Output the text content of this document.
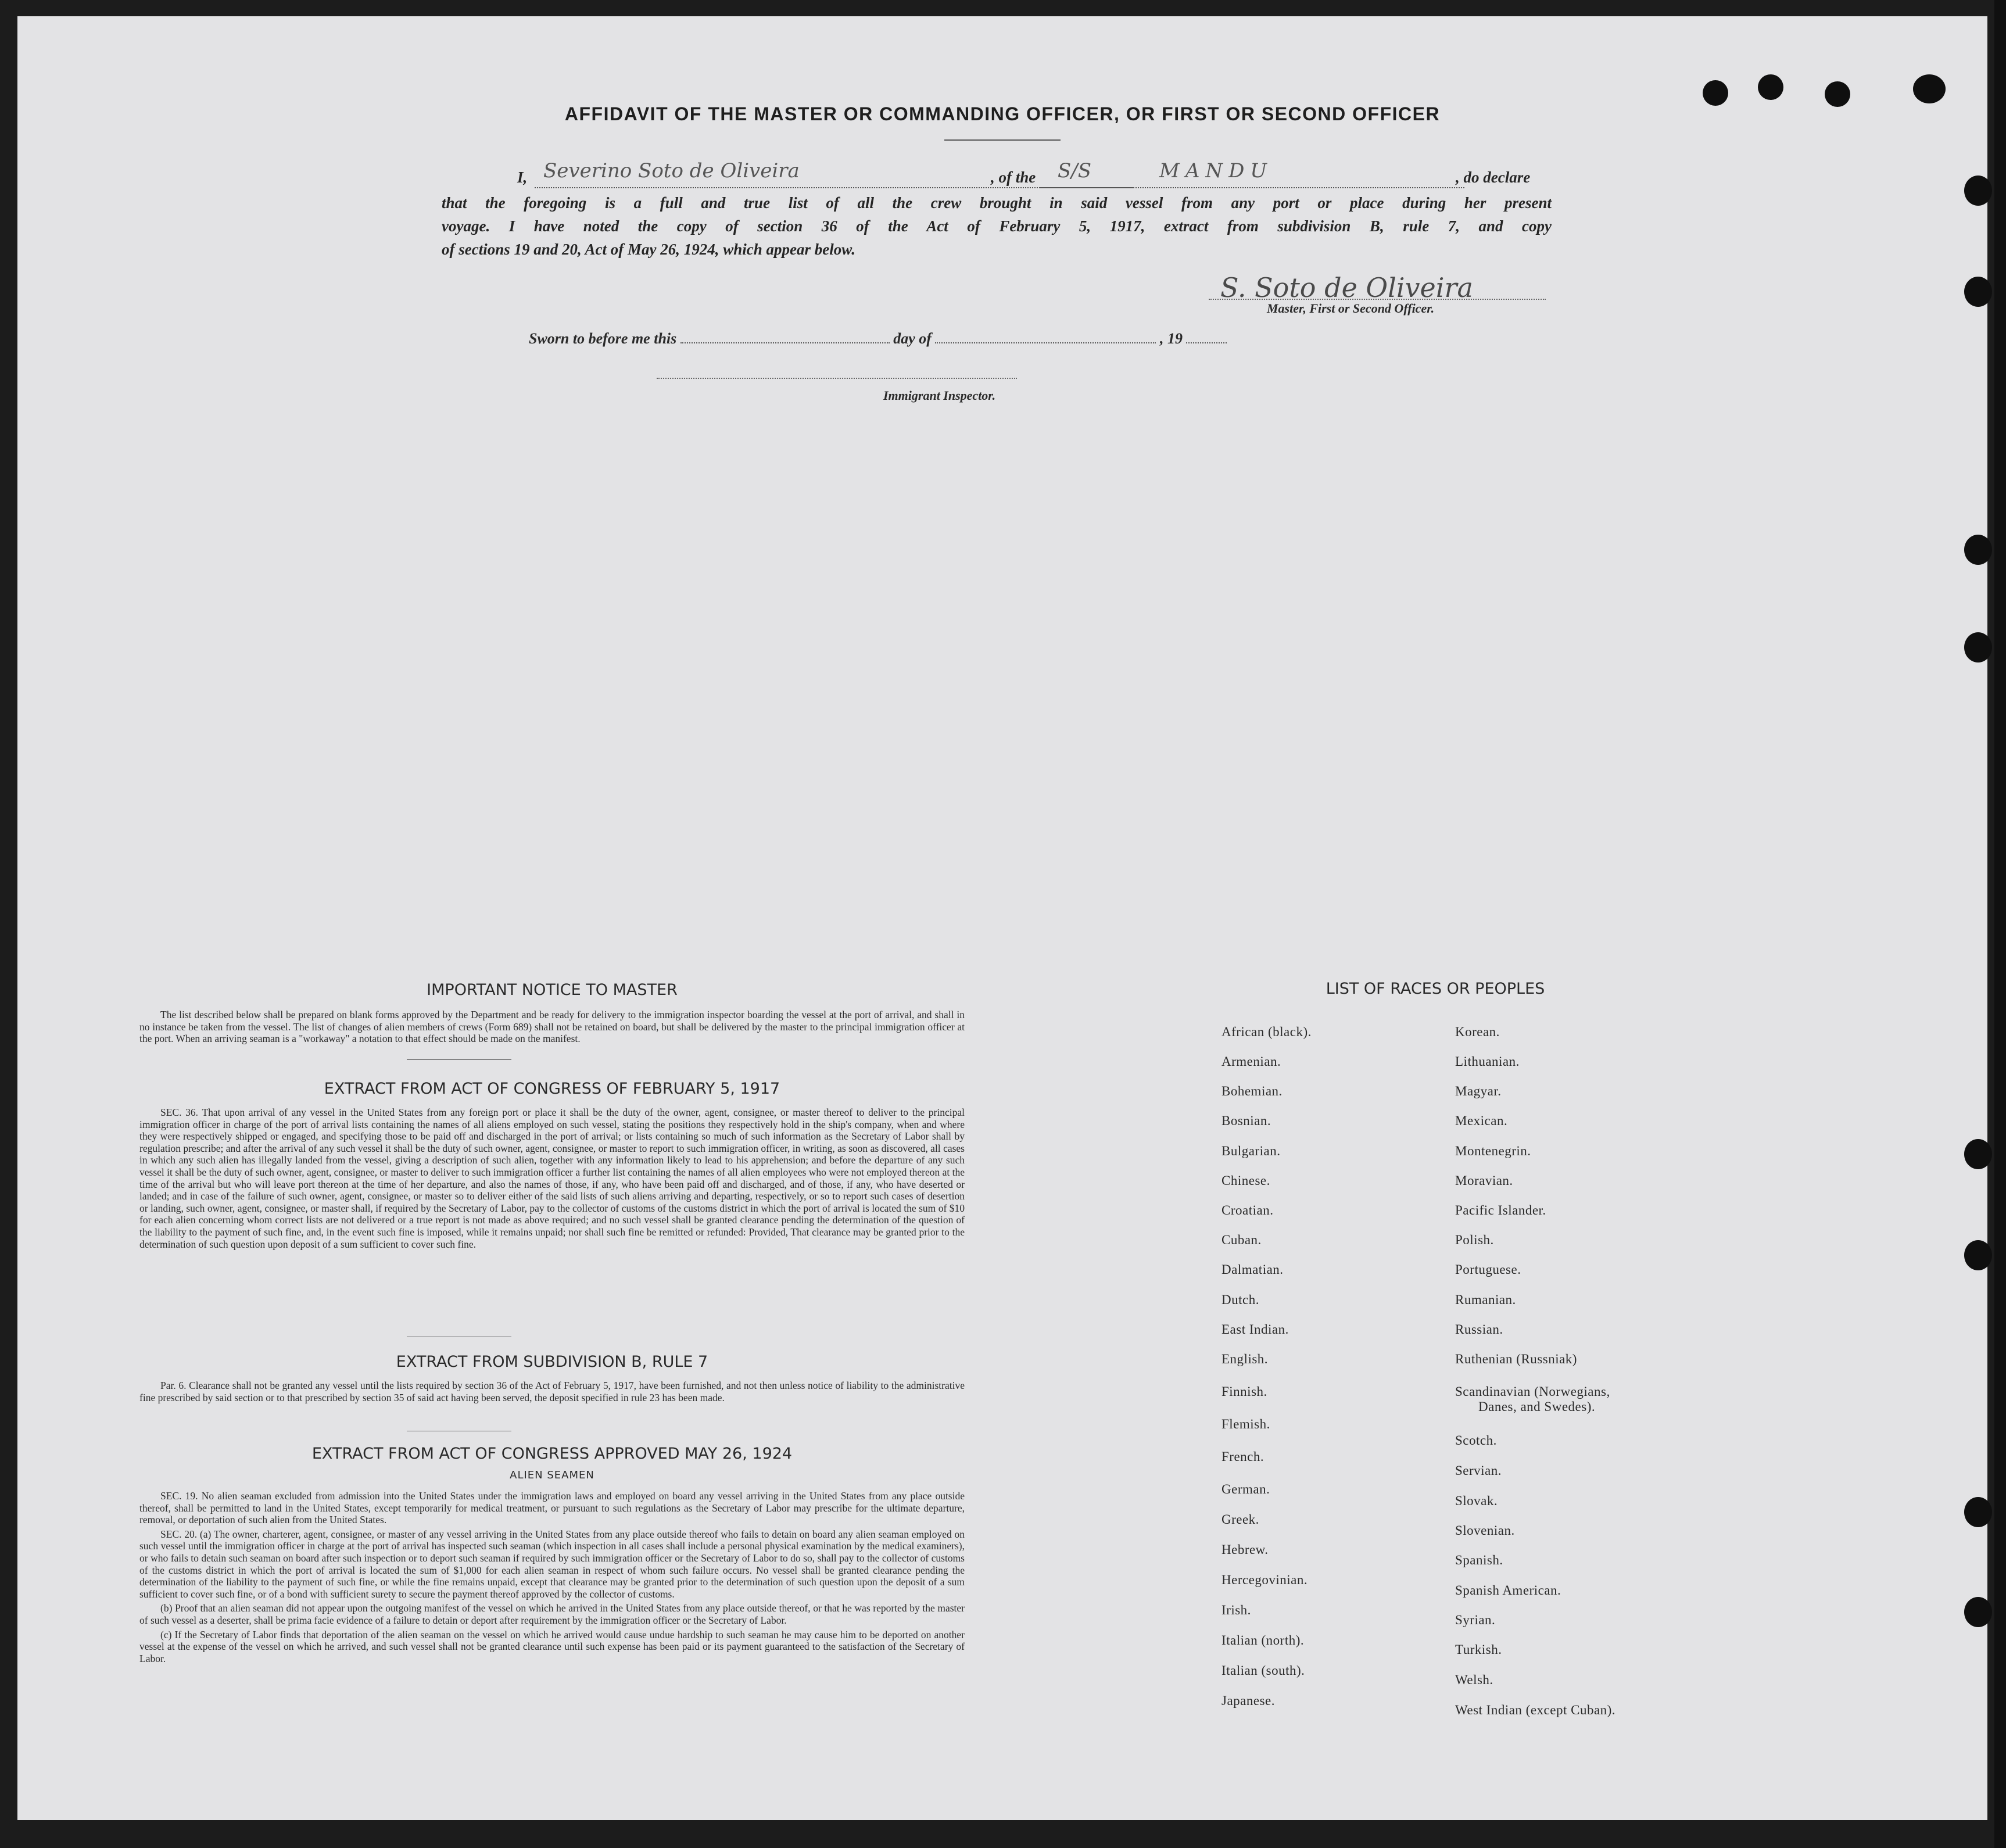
AFFIDAVIT OF THE MASTER OR COMMANDING OFFICER, OR FIRST OR SECOND OFFICER
I, Severino Soto de Oliveira	, of the S/S	MANDU	, do declare
that the foregoing is a full and true list of all the crew brought in said vessel from any port or place during her present
voyage. I have noted the copy of section 36 of the Act of February 5, 1917, extract from subdivision B, rule 7, and copy
of sections 19 and 20, Act of May 26, 1924, which appear below.
S. Soto de Oliveira
Master, First or Second Officer.
Sworn to before me this	day of	, 19
Immigrant Inspector.
IMPORTANT NOTICE TO MASTER

The list described below shall be prepared on blank forms approved by the Department and be ready for delivery to the immigration inspector boarding the vessel at the port of arrival, and shall in no instance be taken from the vessel. The list of changes of alien members of crews (Form 689) shall not be retained on board, but shall be delivered by the master to the principal immigration officer at the port. When an arriving seaman is a "workaway" a notation to that effect should be made on the manifest.

EXTRACT FROM ACT OF CONGRESS OF FEBRUARY 5, 1917

SEC. 36. That upon arrival of any vessel in the United States from any foreign port or place it shall be the duty of the owner, agent, consignee, or master thereof to deliver to the principal immigration officer in charge of the port of arrival lists containing the names of all aliens employed on such vessel, stating the positions they respectively hold in the ship's company, when and where they were respectively shipped or engaged, and specifying those to be paid off and discharged in the port of arrival; or lists containing so much of such information as the Secretary of Labor shall by regulation prescribe; and after the arrival of any such vessel it shall be the duty of such owner, agent, consignee, or master to report to such immigration officer, in writing, as soon as discovered, all cases in which any such alien has illegally landed from the vessel, giving a description of such alien, together with any information likely to lead to his apprehension; and before the departure of any such vessel it shall be the duty of such owner, agent, consignee, or master to deliver to such immigration officer a further list containing the names of all alien employees who were not employed thereon at the time of the arrival but who will leave port thereon at the time of her departure, and also the names of those, if any, who have been paid off and discharged, and of those, if any, who have deserted or landed; and in case of the failure of such owner, agent, consignee, or master so to deliver either of the said lists of such aliens arriving and departing, respectively, or so to report such cases of desertion or landing, such owner, agent, consignee, or master shall, if required by the Secretary of Labor, pay to the collector of customs of the customs district in which the port of arrival is located the sum of $10 for each alien concerning whom correct lists are not delivered or a true report is not made as above required; and no such vessel shall be granted clearance pending the determination of the question of the liability to the payment of such fine, and, in the event such fine is imposed, while it remains unpaid; nor shall such fine be remitted or refunded: Provided, That clearance may be granted prior to the determination of such question upon deposit of a sum sufficient to cover such fine.

EXTRACT FROM SUBDIVISION B, RULE 7

Par. 6. Clearance shall not be granted any vessel until the lists required by section 36 of the Act of February 5, 1917, have been furnished, and not then unless notice of liability to the administrative fine prescribed by said section or to that prescribed by section 35 of said act having been served, the deposit specified in rule 23 has been made.

EXTRACT FROM ACT OF CONGRESS APPROVED MAY 26, 1924
ALIEN SEAMEN

SEC. 19. No alien seaman excluded from admission into the United States under the immigration laws and employed on board any vessel arriving in the United States from any place outside thereof, shall be permitted to land in the United States, except temporarily for medical treatment, or pursuant to such regulations as the Secretary of Labor may prescribe for the ultimate departure, removal, or deportation of such alien from the United States.

SEC. 20. (a) The owner, charterer, agent, consignee, or master of any vessel arriving in the United States from any place outside thereof who fails to detain on board any alien seaman employed on such vessel until the immigration officer in charge at the port of arrival has inspected such seaman (which inspection in all cases shall include a personal physical examination by the medical examiners), or who fails to detain such seaman on board after such inspection or to deport such seaman if required by such immigration officer or the Secretary of Labor to do so, shall pay to the collector of customs of the customs district in which the port of arrival is located the sum of $1,000 for each alien seaman in respect of whom such failure occurs. No vessel shall be granted clearance pending the determination of the liability to the payment of such fine, or while the fine remains unpaid, except that clearance may be granted prior to the determination of such question upon the deposit of a sum sufficient to cover such fine, or of a bond with sufficient surety to secure the payment thereof approved by the collector of customs.

(b) Proof that an alien seaman did not appear upon the outgoing manifest of the vessel on which he arrived in the United States from any place outside thereof, or that he was reported by the master of such vessel as a deserter, shall be prima facie evidence of a failure to detain or deport after requirement by the immigration officer or the Secretary of Labor.

(c) If the Secretary of Labor finds that deportation of the alien seaman on the vessel on which he arrived would cause undue hardship to such seaman he may cause him to be deported on another vessel at the expense of the vessel on which he arrived, and such vessel shall not be granted clearance until such expense has been paid or its payment guaranteed to the satisfaction of the Secretary of Labor.

LIST OF RACES OR PEOPLES
African (black).
Armenian.
Bohemian.
Bosnian.
Bulgarian.
Chinese.
Croatian.
Cuban.
Dalmatian.
Dutch.
East Indian.
English.
Finnish.
Flemish.
French.
German.
Greek.
Hebrew.
Hercegovinian.
Irish.
Italian (north).
Italian (south).
Japanese.
Korean.
Lithuanian.
Magyar.
Mexican.
Montenegrin.
Moravian.
Pacific Islander.
Polish.
Portuguese.
Rumanian.
Russian.
Ruthenian (Russniak)
Scandinavian (Norwegians,
Danes, and Swedes).
Scotch.
Servian.
Slovak.
Slovenian.
Spanish.
Spanish American.
Syrian.
Turkish.
Welsh.
West Indian (except Cuban).
